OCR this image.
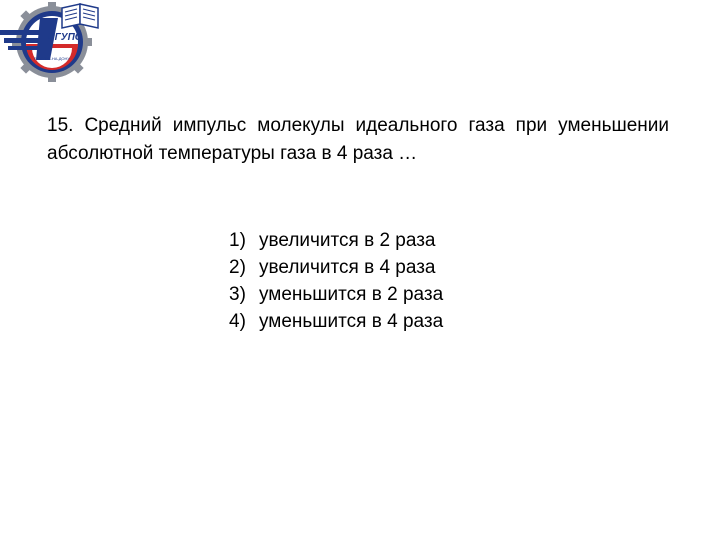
РГУПС
РОСТОВ-НА-ДОНУ

15. Средний импульс молекулы идеального газа при уменьшении абсолютной температуры газа в 4 раза …

1) увеличится в 2 раза
2) увеличится в 4 раза
3) уменьшится в 2 раза
4) уменьшится в 4 раза
